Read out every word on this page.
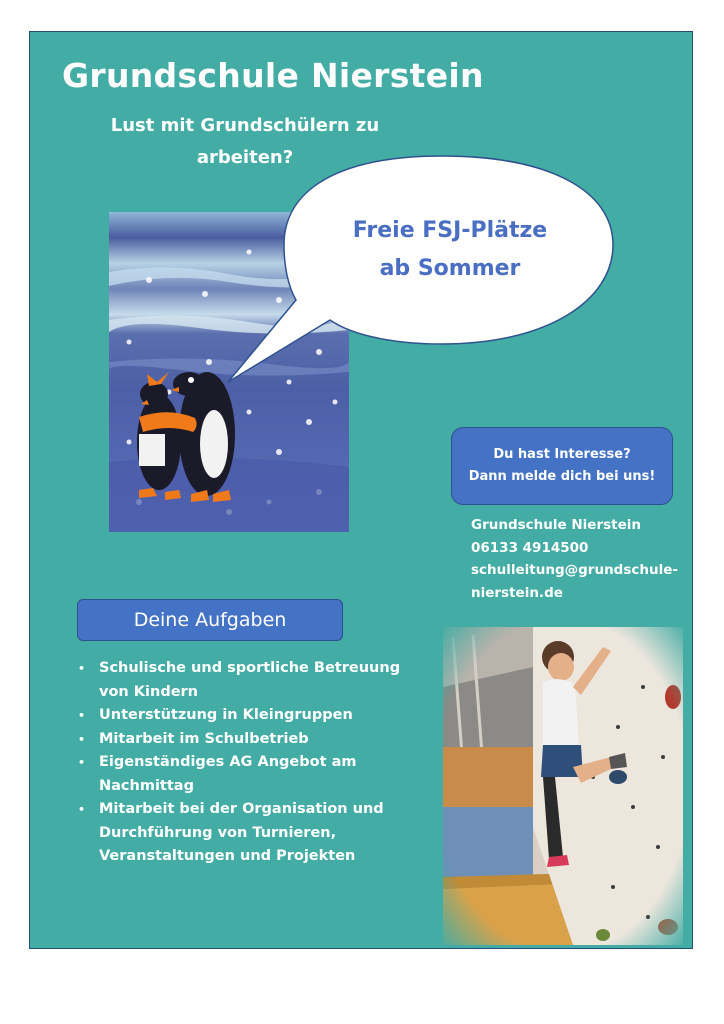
Grundschule Nierstein
Lust mit Grundschülern zu
arbeiten?
Freie FSJ-Plätze
ab Sommer
Du hast Interesse?
Dann melde dich bei uns!
Grundschule Nierstein
06133 4914500
schulleitung@grundschule-
nierstein.de
Deine Aufgaben
• Schulische und sportliche Betreuung
von Kindern
• Unterstützung in Kleingruppen
• Mitarbeit im Schulbetrieb
• Eigenständiges AG Angebot am
Nachmittag
• Mitarbeit bei der Organisation und
Durchführung von Turnieren,
Veranstaltungen und Projekten
